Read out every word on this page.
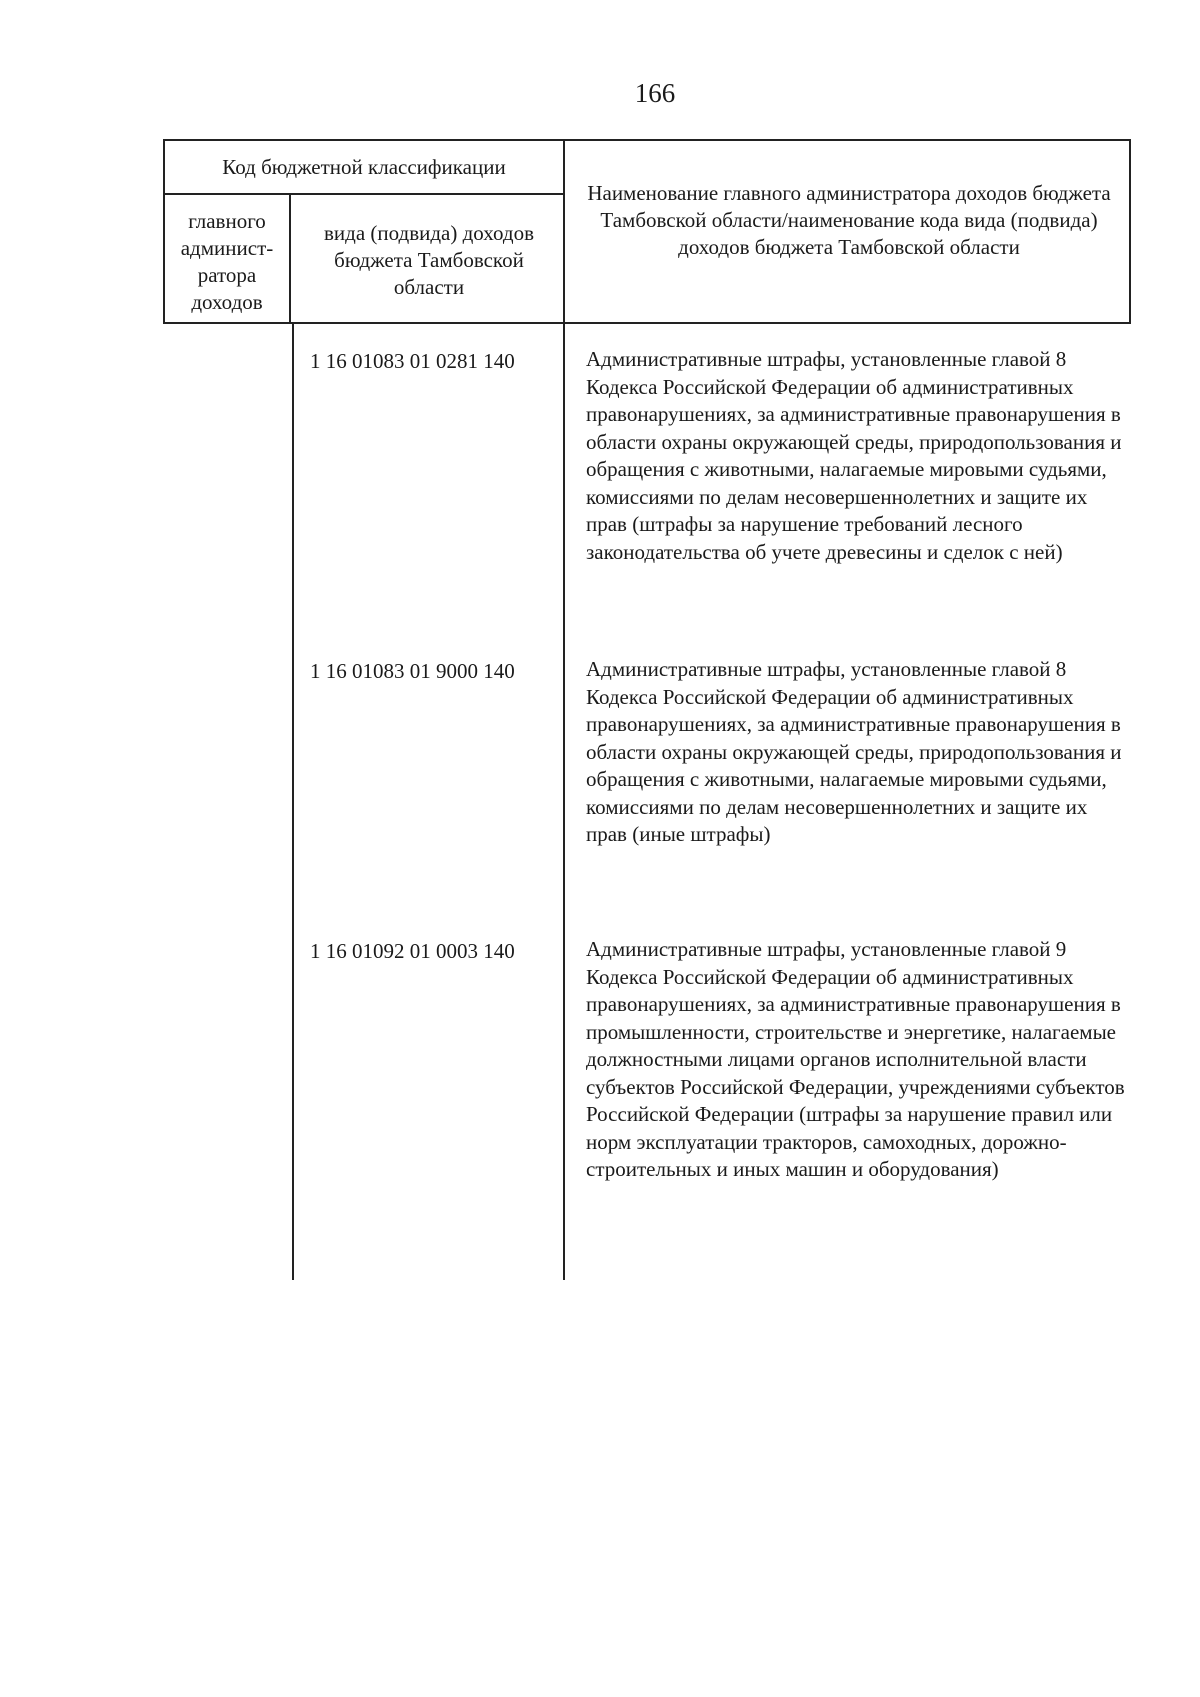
166
Код бюджетной классификации
главного админист-ратора доходов
вида (подвида) доходов бюджета Тамбовской области
Наименование главного администратора доходов бюджета Тамбовской области/наименование кода вида (подвида) доходов бюджета Тамбовской области
1 16 01083 01 0281 140	Административные штрафы, установленные главой 8 Кодекса Российской Федерации об административных правонарушениях, за административные правонарушения в области охраны окружающей среды, природопользования и обращения с животными, налагаемые мировыми судьями, комиссиями по делам несовершеннолетних и защите их прав (штрафы за нарушение требований лесного законодательства об учете древесины и сделок с ней)
1 16 01083 01 9000 140	Административные штрафы, установленные главой 8 Кодекса Российской Федерации об административных правонарушениях, за административные правонарушения в области охраны окружающей среды, природопользования и обращения с животными, налагаемые мировыми судьями, комиссиями по делам несовершеннолетних и защите их прав (иные штрафы)
1 16 01092 01 0003 140	Административные штрафы, установленные главой 9 Кодекса Российской Федерации об административных правонарушениях, за административные правонарушения в промышленности, строительстве и энергетике, налагаемые должностными лицами органов исполнительной власти субъектов Российской Федерации, учреждениями субъектов Российской Федерации (штрафы за нарушение правил или норм эксплуатации тракторов, самоходных, дорожно-строительных и иных машин и оборудования)
